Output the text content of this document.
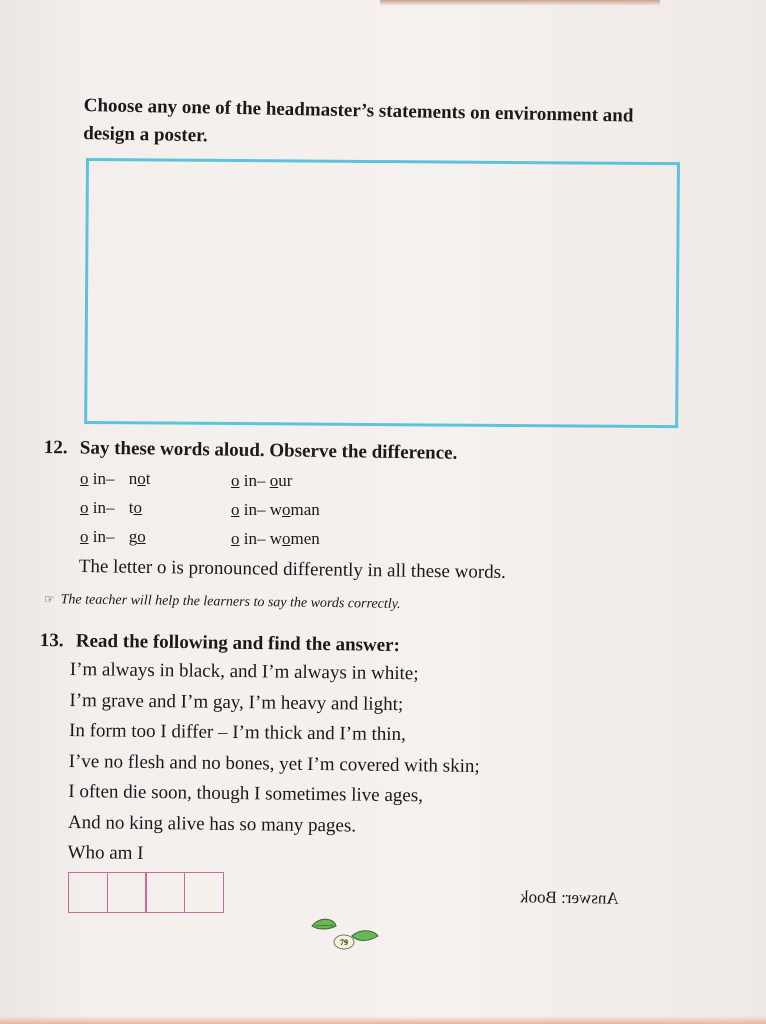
Choose any one of the headmaster’s statements on environment and
design a poster.
12. Say these words aloud. Observe the difference.
o in– not
o in– to
o in– go
o in– our
o in– woman
o in– women
The letter o is pronounced differently in all these words.
☞ The teacher will help the learners to say the words correctly.
13. Read the following and find the answer:
I’m always in black, and I’m always in white;
I’m grave and I’m gay, I’m heavy and light;
In form too I differ – I’m thick and I’m thin,
I’ve no flesh and no bones, yet I’m covered with skin;
I often die soon, though I sometimes live ages,
And no king alive has so many pages.
Who am I
Answer: Book
79
